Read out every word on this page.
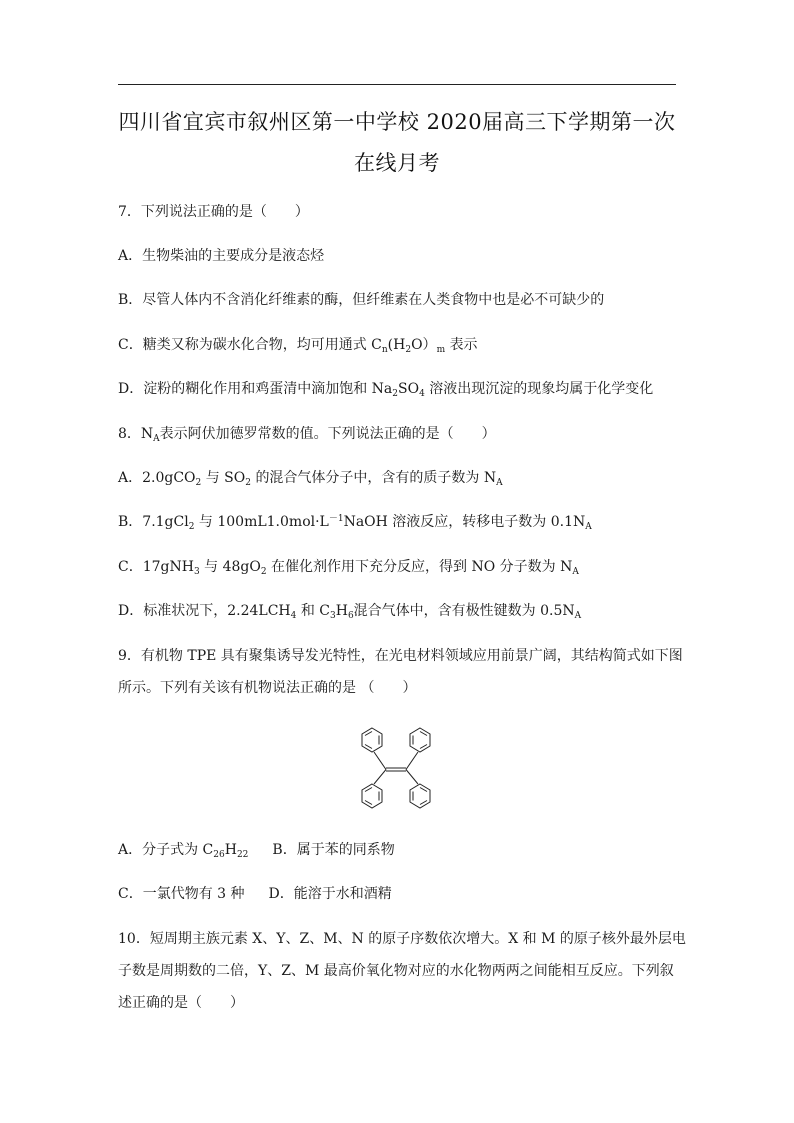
四川省宜宾市叙州区第一中学校 2020届高三下学期第一次
在线月考
7．下列说法正确的是（　　）
A．生物柴油的主要成分是液态烃
B．尽管人体内不含消化纤维素的酶，但纤维素在人类食物中也是必不可缺少的
C．糖类又称为碳水化合物，均可用通式 $C_n(H_2O)_m$ 表示
D．淀粉的糊化作用和鸡蛋清中滴加饱和 $Na_2SO_4$ 溶液出现沉淀的现象均属于化学变化
8．$N_A$表示阿伏加德罗常数的值。下列说法正确的是（　　）
A．2.0gCO$_2$ 与 $SO_2$ 的混合气体分子中，含有的质子数为 $N_A$
B．7.1gCl$_2$ 与 $100mL1.0mol\cdot L^{-1}NaOH$ 溶液反应，转移电子数为 $0.1N_A$
C．17gNH$_3$ 与 $48gO_2$ 在催化剂作用下充分反应，得到 NO 分子数为 $N_A$
D．标准状况下，$2.24LCH_4$ 和 $C_3H_6$混合气体中，含有极性键数为 $0.5N_A$
9．有机物 TPE 具有聚集诱导发光特性，在光电材料领域应用前景广阔，其结构简式如下图
所示。下列有关该有机物说法正确的是 （　　）
A．分子式为 $C_{26}H_{22}$ B．属于苯的同系物
C．一氯代物有 3 种 D．能溶于水和酒精
10．短周期主族元素 X、Y、Z、M、N 的原子序数依次增大。X 和 M 的原子核外最外层电
子数是周期数的二倍，Y、Z、M 最高价氧化物对应的水化物两两之间能相互反应。下列叙
述正确的是（　　）
